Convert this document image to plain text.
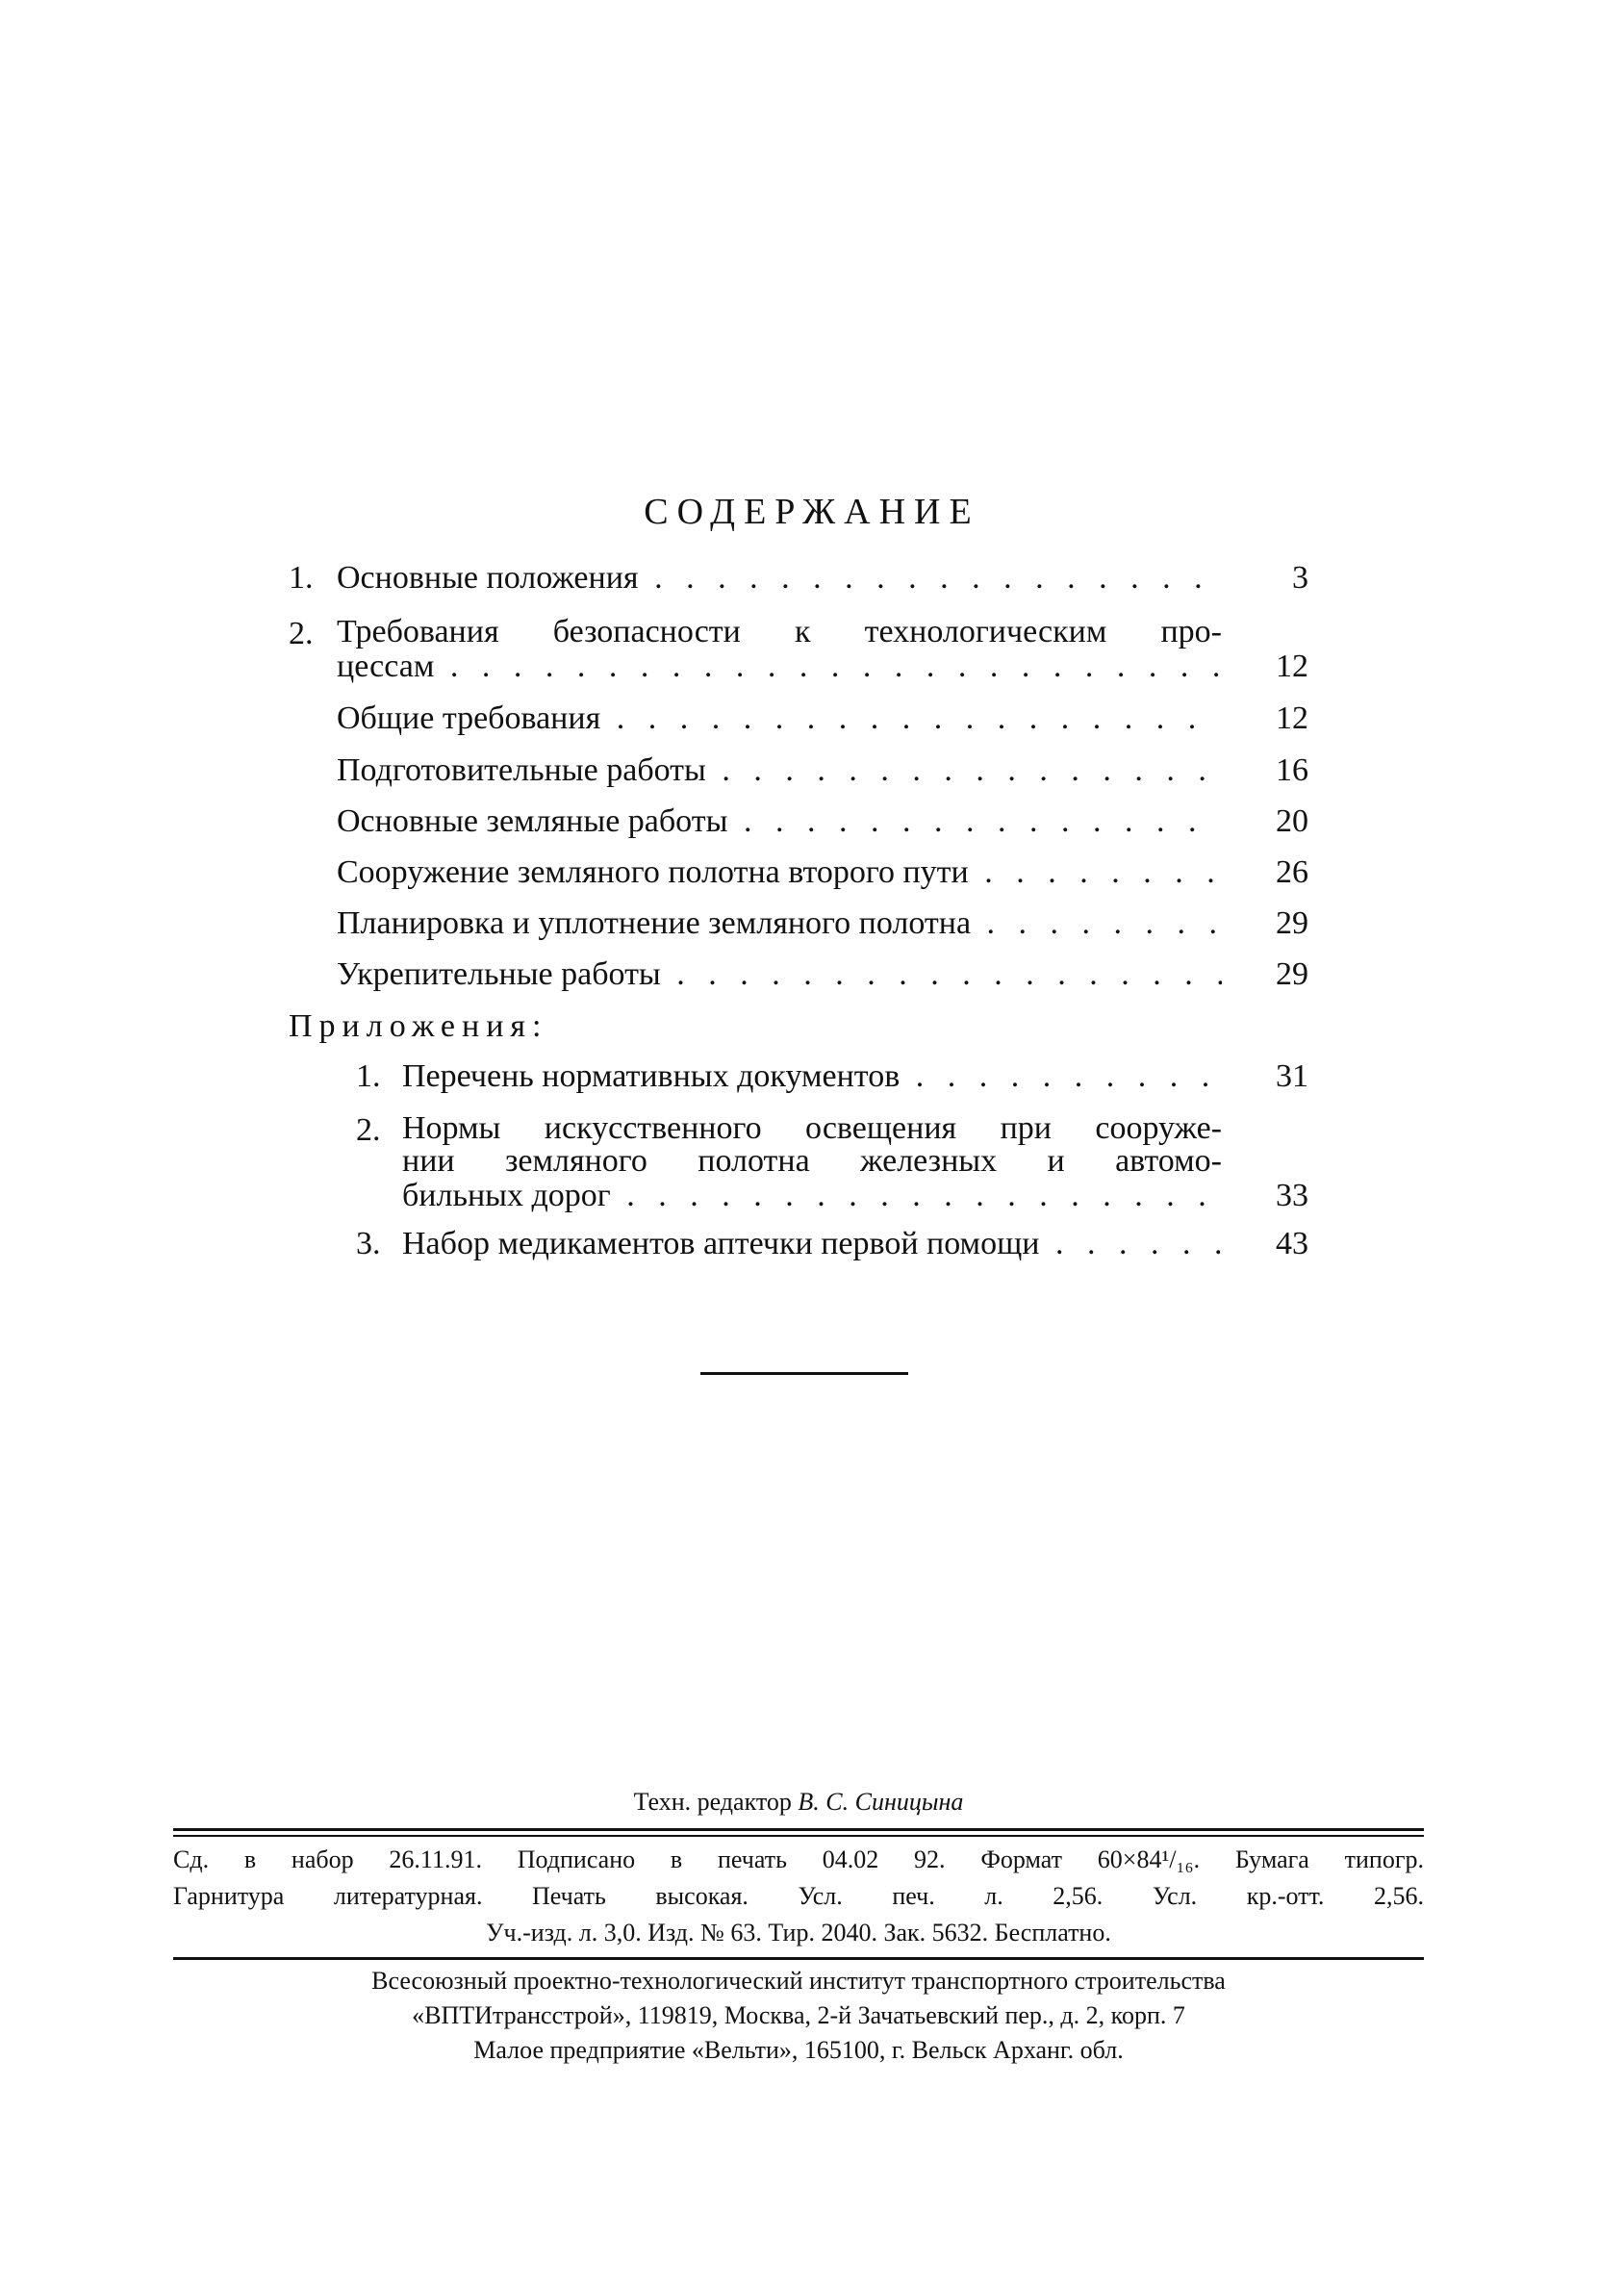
СОДЕРЖАНИЕ
1. Основные положения . . .	3
2. Требования безопасности к технологическим про-
цессам . . .	12
Общие требования . . .	12
Подготовительные работы . . .	16
Основные земляные работы . . .	20
Сооружение земляного полотна второго пути . . .	26
Планировка и уплотнение земляного полотна . . .	29
Укрепительные работы . . .	29
Приложения:
1. Перечень нормативных документов . . .	31
2. Нормы искусственного освещения при сооруже-
нии земляного полотна железных и автомо-
бильных дорог . . .	33
3. Набор медикаментов аптечки первой помощи . . .	43
Техн. редактор В. С. Синицына
Сд. в набор 26.11.91. Подписано в печать 04.02 92. Формат 60×84¹/₁₆. Бумага типогр.
Гарнитура литературная. Печать высокая. Усл. печ. л. 2,56. Усл. кр.-отт. 2,56.
Уч.-изд. л. 3,0. Изд. № 63. Тир. 2040. Зак. 5632. Бесплатно.
Всесоюзный проектно-технологический институт транспортного строительства
«ВПТИтрансстрой», 119819, Москва, 2-й Зачатьевский пер., д. 2, корп. 7
Малое предприятие «Вельти», 165100, г. Вельск Арханг. обл.
